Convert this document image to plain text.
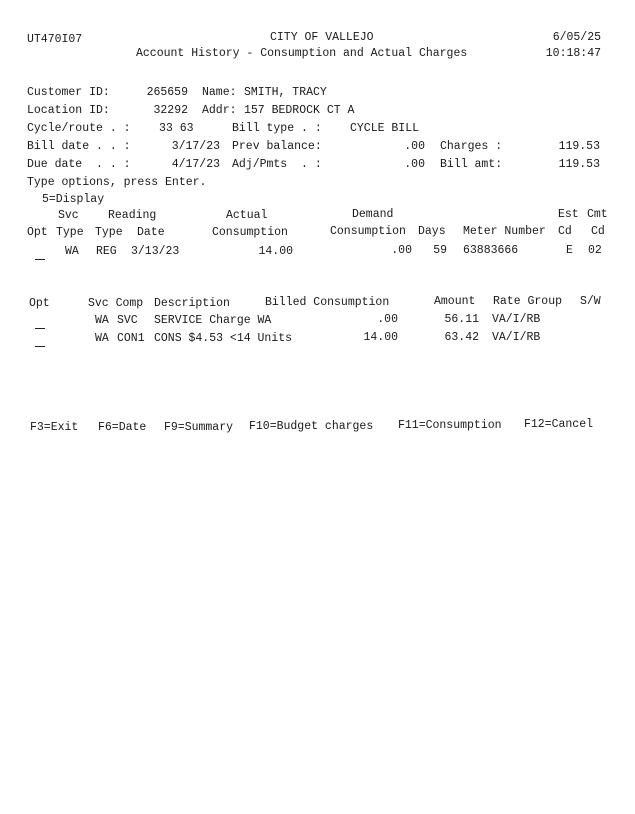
UT470I07	CITY OF VALLEJO	6/05/25
Account History - Consumption and Actual Charges	10:18:47
Customer ID:	265659 Name: SMITH, TRACY
Location ID:	32292 Addr: 157 BEDROCK CT A
Cycle/route . : 33 63	Bill type . : CYCLE BILL
Bill date . . :	3/17/23 Prev balance:	.00 Charges :	119.53
Due date  . . :	4/17/23 Adj/Pmts  . :	.00 Bill amt:	119.53
Type options, press Enter.
5=Display
Svc	Reading	Actual	Demand	Est Cmt
Opt Type Type Date	Consumption	Consumption Days Meter Number Cd Cd
WA REG 3/13/23	14.00	.00	59 63883666	E 02
Opt	Svc Comp Description	Billed Consumption	Amount Rate Group S/W
WA SVC SERVICE Charge WA	.00	56.11 VA/I/RB
WA CON1 CONS $4.53 <14 Units	14.00	63.42 VA/I/RB
F3=Exit F6=Date F9=Summary F10=Budget charges F11=Consumption F12=Cancel
